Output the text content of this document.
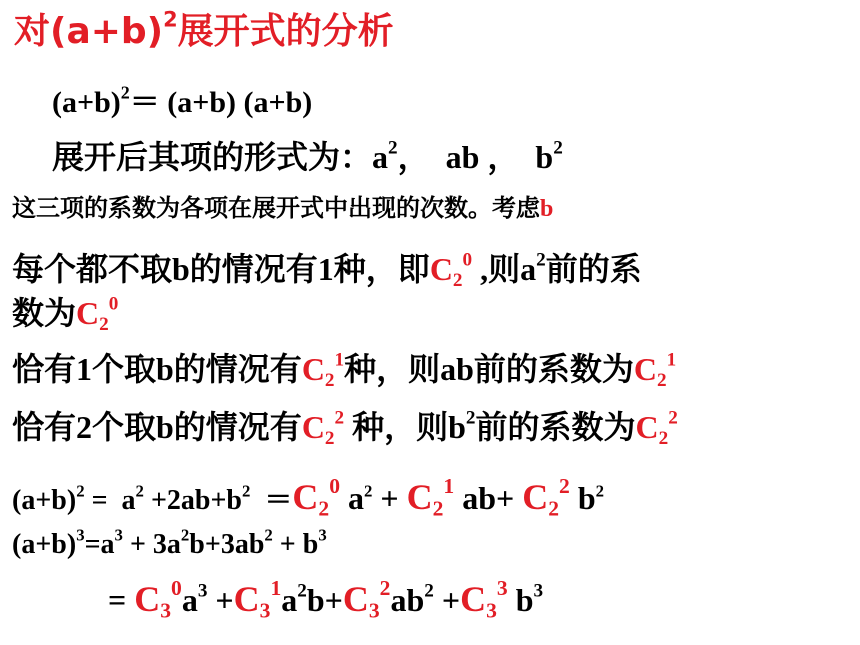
对$(a+b)^2$展开式的分析
$(a+b)^2= (a+b)$ (a+b)
展开后其项的形式为：$a^2$，  ab ，  $b^2$
这三项的系数为各项在展开式中出现的次数。考虑b
每个都不取b的情况有1种，即$C_2^0$ ,则$a^2$前的系
数为$C_2^0$
恰有1个取b的情况有$C_2^1$种，则ab前的系数为$C_2^1$
恰有2个取b的情况有$C_2^2$ 种，则$b^2$前的系数为$C_2^2$
$(a+b)^2 = a^2 +2ab+b^2 =C_2^0$ $a^2 + C_2^1$ $ab+ C_2^2$ $b^2$
$(a+b)^3=a^3 + 3a^2b+3ab^2 + b^3$
= $C_3^0a^3 +C_3^1a^2b+C_3^2ab^2 +C_3^3$ $b^3$
